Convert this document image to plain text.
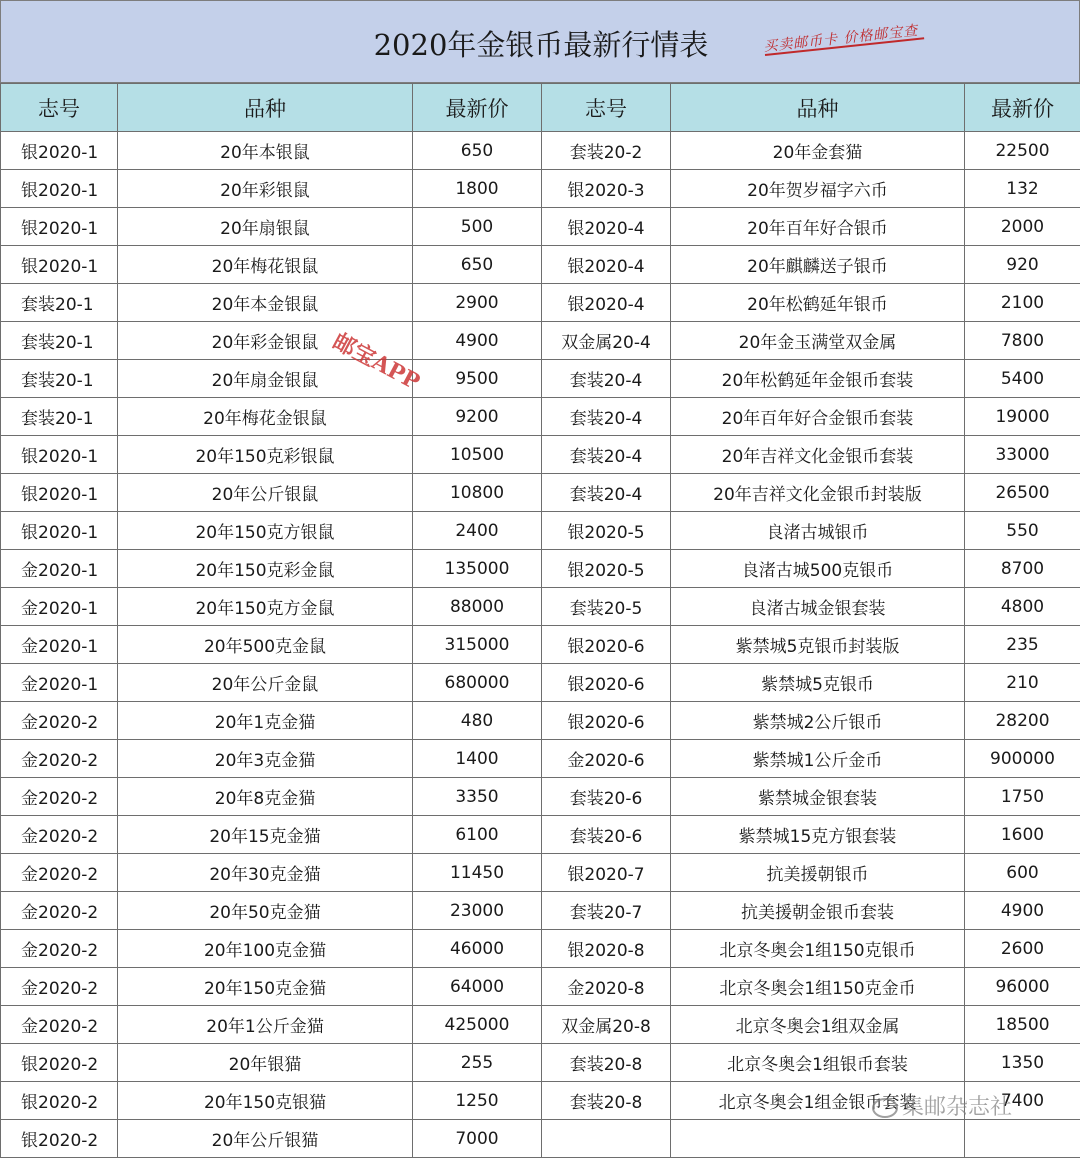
2020年金银币最新行情表	买卖邮币卡 价格邮宝查
志号	品种	最新价	志号	品种	最新价
银2020-1	20年本银鼠	650	套装20-2	20年金套猫	22500
银2020-1	20年彩银鼠	1800	银2020-3	20年贺岁福字六币	132
银2020-1	20年扇银鼠	500	银2020-4	20年百年好合银币	2000
银2020-1	20年梅花银鼠	650	银2020-4	20年麒麟送子银币	920
套装20-1	20年本金银鼠	2900	银2020-4	20年松鹤延年银币	2100
套装20-1	20年彩金银鼠	4900	双金属20-4	20年金玉满堂双金属	7800
套装20-1	20年扇金银鼠	9500	套装20-4	20年松鹤延年金银币套装	5400
套装20-1	20年梅花金银鼠	9200	套装20-4	20年百年好合金银币套装	19000
银2020-1	20年150克彩银鼠	10500	套装20-4	20年吉祥文化金银币套装	33000
银2020-1	20年公斤银鼠	10800	套装20-4	20年吉祥文化金银币封装版	26500
银2020-1	20年150克方银鼠	2400	银2020-5	良渚古城银币	550
金2020-1	20年150克彩金鼠	135000	银2020-5	良渚古城500克银币	8700
金2020-1	20年150克方金鼠	88000	套装20-5	良渚古城金银套装	4800
金2020-1	20年500克金鼠	315000	银2020-6	紫禁城5克银币封装版	235
金2020-1	20年公斤金鼠	680000	银2020-6	紫禁城5克银币	210
金2020-2	20年1克金猫	480	银2020-6	紫禁城2公斤银币	28200
金2020-2	20年3克金猫	1400	金2020-6	紫禁城1公斤金币	900000
金2020-2	20年8克金猫	3350	套装20-6	紫禁城金银套装	1750
金2020-2	20年15克金猫	6100	套装20-6	紫禁城15克方银套装	1600
金2020-2	20年30克金猫	11450	银2020-7	抗美援朝银币	600
金2020-2	20年50克金猫	23000	套装20-7	抗美援朝金银币套装	4900
金2020-2	20年100克金猫	46000	银2020-8	北京冬奥会1组150克银币	2600
金2020-2	20年150克金猫	64000	金2020-8	北京冬奥会1组150克金币	96000
金2020-2	20年1公斤金猫	425000	双金属20-8	北京冬奥会1组双金属	18500
银2020-2	20年银猫	255	套装20-8	北京冬奥会1组银币套装	1350
银2020-2	20年150克银猫	1250	套装20-8	北京冬奥会1组金银币套装	7400
银2020-2	20年公斤银猫	7000			
邮宝APP
集邮杂志社
